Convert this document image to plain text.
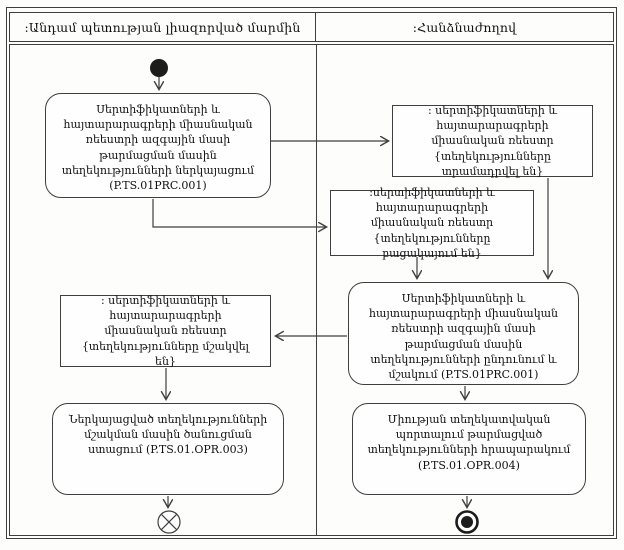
:Անդամ պետության լիազորված մարմին	:Հանձնաժողով
Սերտիֆիկատների և հայտարարագրերի միասնական ռեեստրի ազգային մասի թարմացման մասին տեղեկությունների ներկայացում (P.TS.01PRC.001)
: սերտիֆիկատների և հայտարարագրերի միասնական ռեեստր {տեղեկությունները մշակվել են}
Ներկայացված տեղեկությունների մշակման մասին ծանուցման ստացում (P.TS.01.OPR.003)
: սերտիֆիկատների և հայտարարագրերի միասնական ռեեստր {տեղեկությունները տրամադրվել են}
:սերտիֆիկատների և հայտարարագրերի միասնական ռեեստր {տեղեկությունները բացակայում են}
Սերտիֆիկատների և հայտարարագրերի միասնական ռեեստրի ազգային մասի թարմացման մասին տեղեկությունների ընդունում և մշակում (P.TS.01PRC.001)
Միության տեղեկատվական պորտալում թարմացված տեղեկությունների հրապարակում (P.TS.01.OPR.004)
